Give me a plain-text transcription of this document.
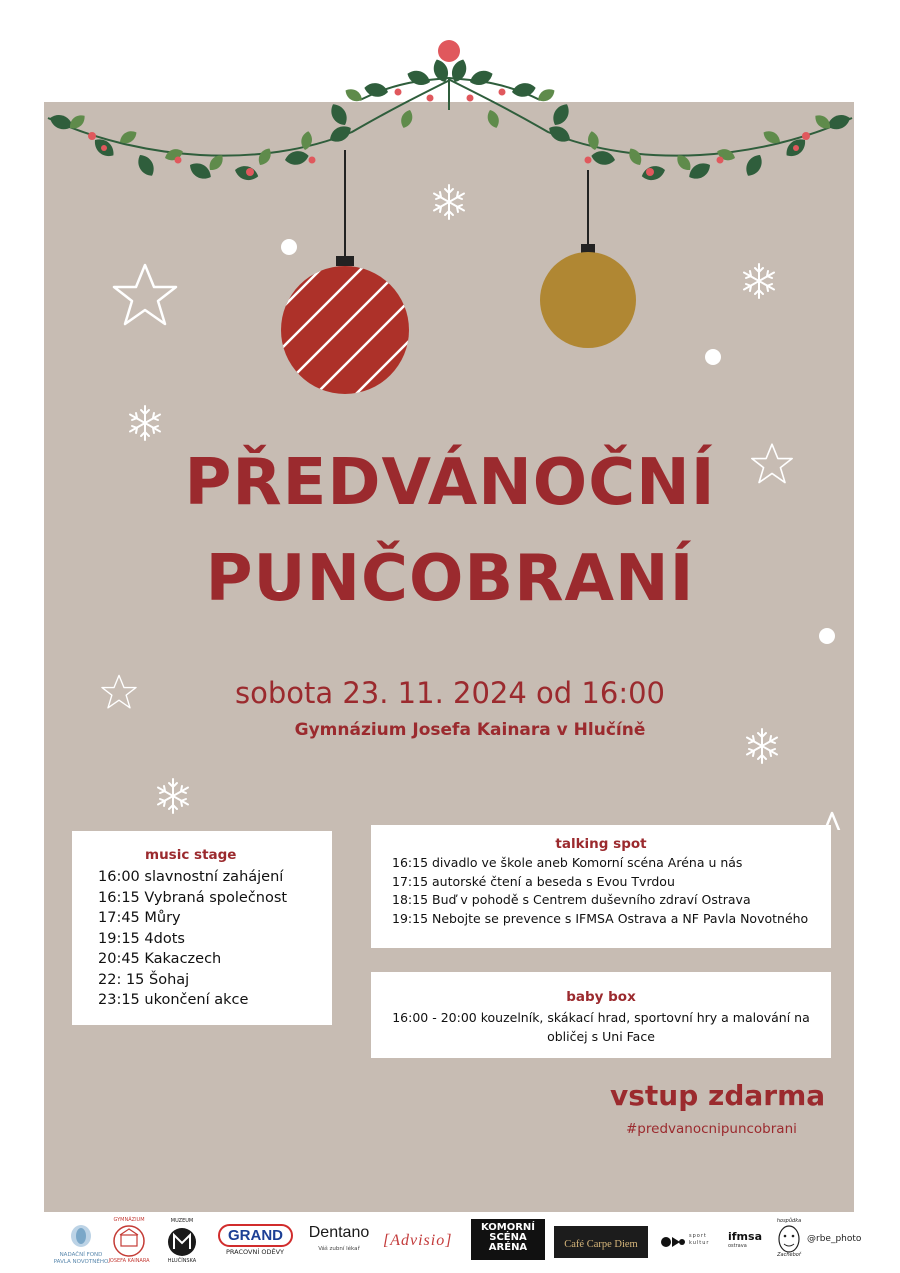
PŘEDVÁNOČNÍ
PUNČOBRANÍ
sobota 23. 11. 2024 od 16:00
Gymnázium Josefa Kainara v Hlučíně
music stage
16:00 slavnostní zahájení
16:15 Vybraná společnost
17:45 Můry
19:15 4dots
20:45 Kakaczech
22: 15 Šohaj
23:15 ukončení akce
talking spot
16:15 divadlo ve škole aneb Komorní scéna Aréna u nás
17:15 autorské čtení a beseda s Evou Tvrdou
18:15 Buď v pohodě s Centrem duševního zdraví Ostrava
19:15 Nebojte se prevence s IFMSA Ostrava a NF Pavla Novotného
baby box
16:00 - 20:00 kouzelník, skákací hrad, sportovní hry a malování na obličej s Uni Face
vstup zdarma
#predvanocnipuncobrani
NADAČNÍ FOND
PAVLA NOVOTNÉHO
GYMNÁZIUM
JOSEFA KAINARA
MUZEUM
HLUČÍNSKA
GRAND
PRACOVNÍ ODĚVY
Dentano
Váš zubní lékař	[Advisio]
KOMORNÍ
SCÉNA
ARÉNA	Café Carpe Diem
sport
kultur ifmsa
ostrava
hospůdka
Zacheboř
@rbe_photo
